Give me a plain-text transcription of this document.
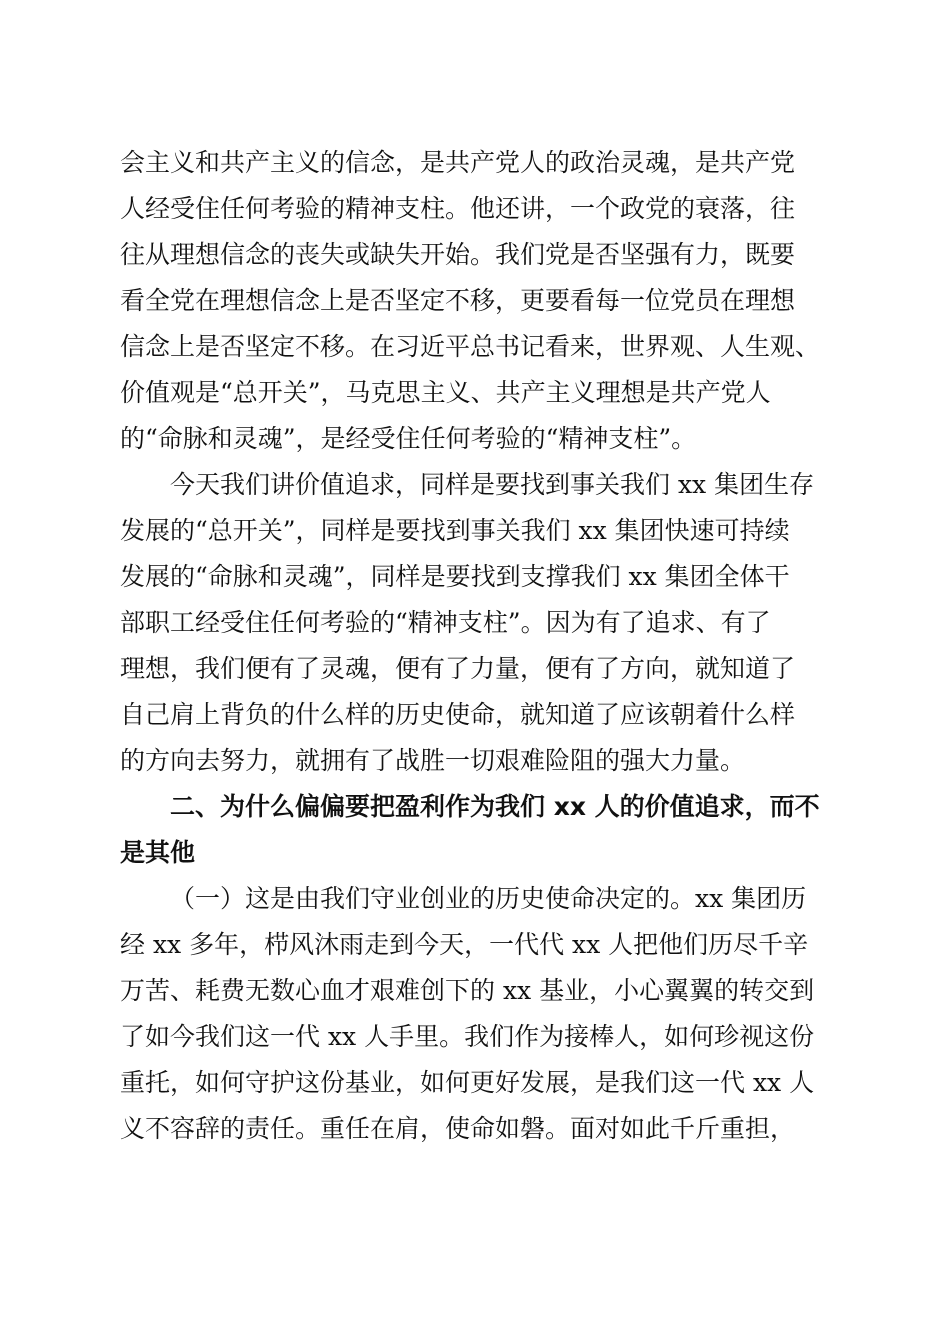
会主义和共产主义的信念，是共产党人的政治灵魂，是共产党
人经受住任何考验的精神支柱。他还讲，一个政党的衰落，往
往从理想信念的丧失或缺失开始。我们党是否坚强有力，既要
看全党在理想信念上是否坚定不移，更要看每一位党员在理想
信念上是否坚定不移。在习近平总书记看来，世界观、人生观、
价值观是“总开关”，马克思主义、共产主义理想是共产党人
的“命脉和灵魂”，是经受住任何考验的“精神支柱”。
今天我们讲价值追求，同样是要找到事关我们 xx 集团生存
发展的“总开关”，同样是要找到事关我们 xx 集团快速可持续
发展的“命脉和灵魂”，同样是要找到支撑我们 xx 集团全体干
部职工经受住任何考验的“精神支柱”。因为有了追求、有了
理想，我们便有了灵魂，便有了力量，便有了方向，就知道了
自己肩上背负的什么样的历史使命，就知道了应该朝着什么样
的方向去努力，就拥有了战胜一切艰难险阻的强大力量。
二、为什么偏偏要把盈利作为我们 xx 人的价值追求，而不
是其他
（一）这是由我们守业创业的历史使命决定的。xx 集团历
经 xx 多年，栉风沐雨走到今天，一代代 xx 人把他们历尽千辛
万苦、耗费无数心血才艰难创下的 xx 基业，小心翼翼的转交到
了如今我们这一代 xx 人手里。我们作为接棒人，如何珍视这份
重托，如何守护这份基业，如何更好发展，是我们这一代 xx 人
义不容辞的责任。重任在肩，使命如磐。面对如此千斤重担，
